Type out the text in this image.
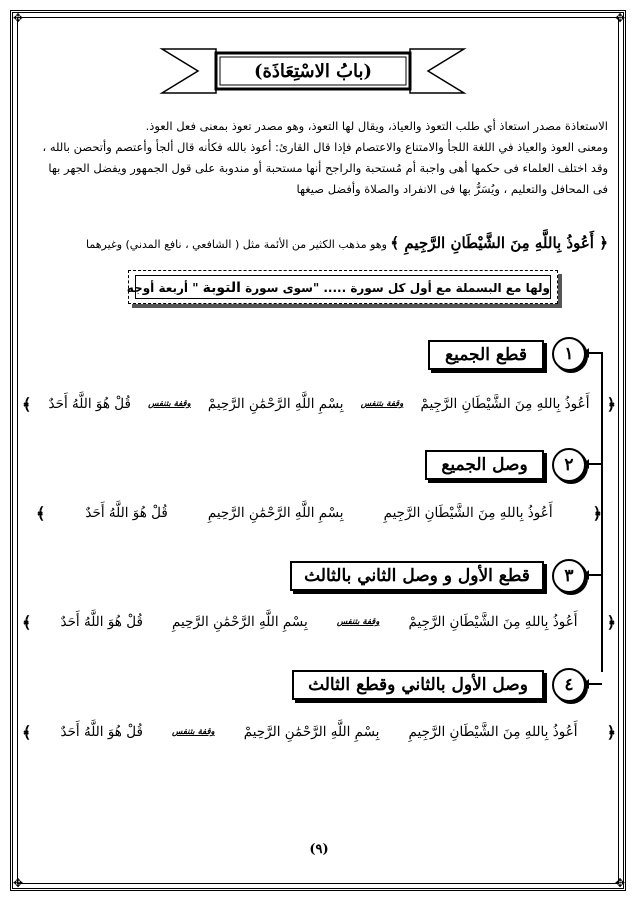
✥	✥
✥	✥
(بابُ الاسْتِعَاذَة)
الاستعاذة مصدر استعاذ أي طلب التعوذ والعياذ، ويقال لها التعوذ، وهو مصدر تعوذ بمعنى فعل العوذ.
ومعنى العوذ والعياذ في اللغة اللجأ والامتناع والاعتصام فإذا قال القارئ: أعوذ بالله فكأنه قال ألجأ وأعتصم وأتحصن بالله ، وقد اختلف العلماء فى حكمها أهى واجبة أم مُستحبة والراجح أنها مستحبة أو مندوبة على قول الجمهور ويفضل الجهر بها فى المحافل والتعليم ، ويُسَرُّ بها فى الانفراد والصلاة وأفضل صيغها
﴿ أَعُوذُ بِاللَّهِ مِنَ الشَّيْطَانِ الرَّجِيمِ ﴾ وهو مذهب الكثير من الأئمة مثل ( الشافعي ، نافع المدني) وغيرهما
ولها مع البسملة مع أول كل سورة ..... "سوى سورة التوبة " أربعة أوجه
١
قطع الجميع
﴿
أَعُوذُ بِاللهِ مِنَ الشَّيْطَانِ الرَّجِيمْ
وقفة بتنفس
بِسْمِ اللَّهِ الرَّحْمَٰنِ الرَّحِيمْ
وقفة بتنفس
قُلْ هُوَ اللَّهُ أَحَدٌ
﴾
٢
وصل الجميع
﴿
أَعُوذُ بِاللهِ مِنَ الشَّيْطَانِ الرَّجِيمِ
بِسْمِ اللَّهِ الرَّحْمَٰنِ الرَّحِيمِ
قُلْ هُوَ اللَّهُ أَحَدٌ
﴾
٣
قطع الأول و وصل الثاني بالثالث
﴿
أَعُوذُ بِاللهِ مِنَ الشَّيْطَانِ الرَّجِيمْ
وقفة بتنفس
بِسْمِ اللَّهِ الرَّحْمَٰنِ الرَّحِيمِ
قُلْ هُوَ اللَّهُ أَحَدٌ
﴾
٤
وصل الأول بالثاني وقطع الثالث
﴿
أَعُوذُ بِاللهِ مِنَ الشَّيْطَانِ الرَّجِيمِ
بِسْمِ اللَّهِ الرَّحْمَٰنِ الرَّحِيمْ
وقفة بتنفس
قُلْ هُوَ اللَّهُ أَحَدٌ
﴾
(٩)
